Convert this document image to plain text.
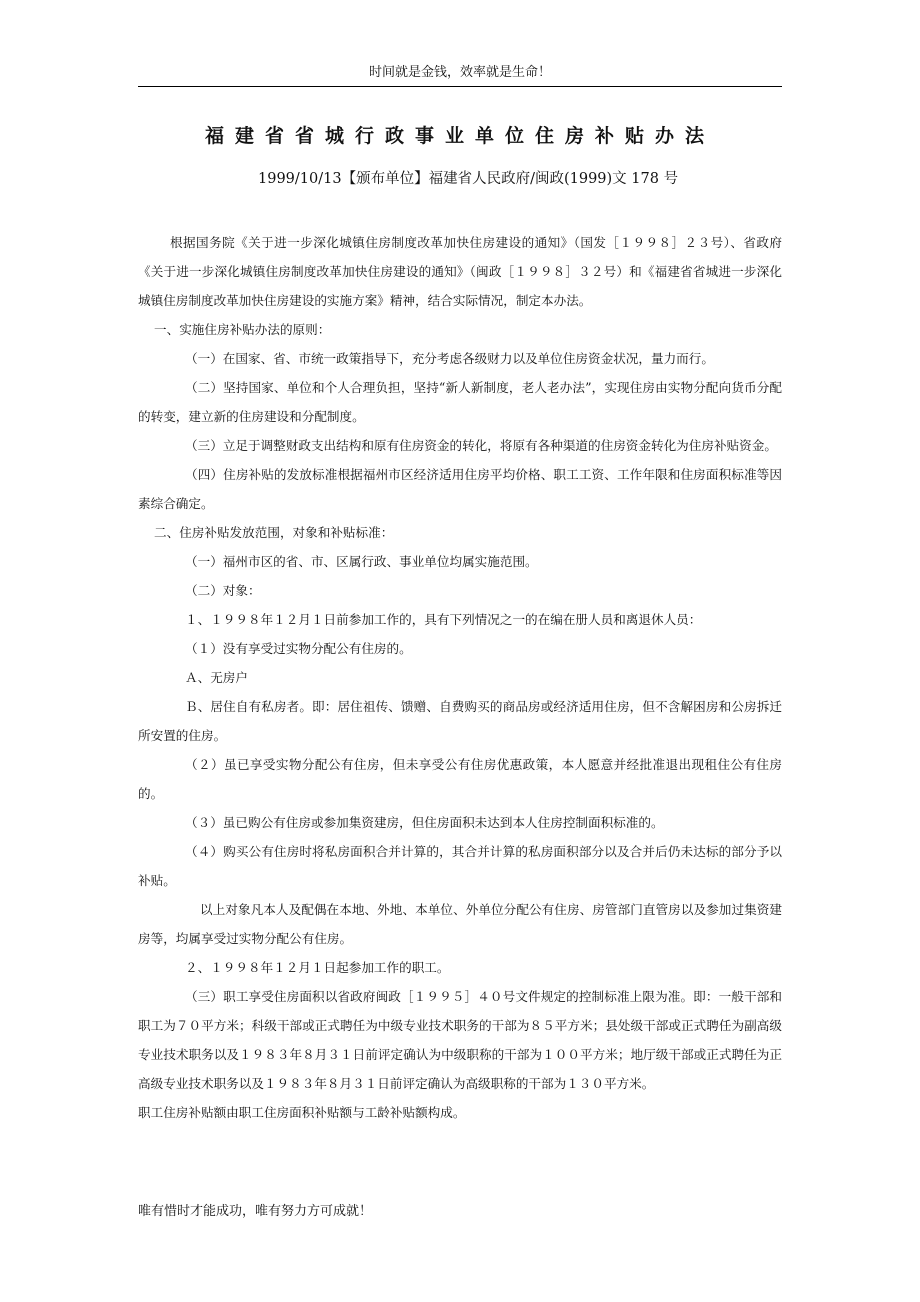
时间就是金钱，效率就是生命！
福建省省城行政事业单位住房补贴办法
1999/10/13【颁布单位】福建省人民政府/闽政(1999)文 178 号

根据国务院《关于进一步深化城镇住房制度改革加快住房建设的通知》（国发［１９９８］２３号）、省政府《关于进一步深化城镇住房制度改革加快住房建设的通知》（闽政［１９９８］３２号）和《福建省省城进一步深化城镇住房制度改革加快住房建设的实施方案》精神，结合实际情况，制定本办法。

一、实施住房补贴办法的原则：

（一）在国家、省、市统一政策指导下，充分考虑各级财力以及单位住房资金状况，量力而行。

（二）坚持国家、单位和个人合理负担，坚持“新人新制度，老人老办法”，实现住房由实物分配向货币分配的转变，建立新的住房建设和分配制度。

（三）立足于调整财政支出结构和原有住房资金的转化，将原有各种渠道的住房资金转化为住房补贴资金。

（四）住房补贴的发放标准根据福州市区经济适用住房平均价格、职工工资、工作年限和住房面积标准等因素综合确定。

二、住房补贴发放范围，对象和补贴标准：

（一）福州市区的省、市、区属行政、事业单位均属实施范围。

（二）对象：

１、１９９８年１２月１日前参加工作的，具有下列情况之一的在编在册人员和离退休人员：

（１）没有享受过实物分配公有住房的。

Ａ、无房户

Ｂ、居住自有私房者。即：居住祖传、馈赠、自费购买的商品房或经济适用住房，但不含解困房和公房拆迁所安置的住房。

（２）虽已享受实物分配公有住房，但未享受公有住房优惠政策，本人愿意并经批准退出现租住公有住房的。

（３）虽已购公有住房或参加集资建房，但住房面积未达到本人住房控制面积标准的。

（４）购买公有住房时将私房面积合并计算的，其合并计算的私房面积部分以及合并后仍未达标的部分予以补贴。

以上对象凡本人及配偶在本地、外地、本单位、外单位分配公有住房、房管部门直管房以及参加过集资建房等，均属享受过实物分配公有住房。

２、１９９８年１２月１日起参加工作的职工。

（三）职工享受住房面积以省政府闽政［１９９５］４０号文件规定的控制标准上限为准。即：一般干部和职工为７０平方米；科级干部或正式聘任为中级专业技术职务的干部为８５平方米；县处级干部或正式聘任为副高级专业技术职务以及１９８３年８月３１日前评定确认为中级职称的干部为１００平方米；地厅级干部或正式聘任为正高级专业技术职务以及１９８３年８月３１日前评定确认为高级职称的干部为１３０平方米。

职工住房补贴额由职工住房面积补贴额与工龄补贴额构成。

唯有惜时才能成功，唯有努力方可成就！
